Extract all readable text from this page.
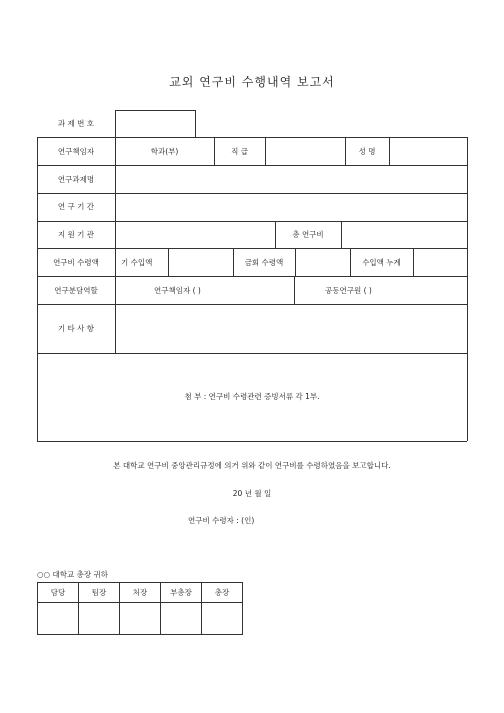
교외 연구비 수행내역 보고서
과 제 번 호
연구책임자	학과(부)	직 급	성 명
연구과제명
연 구 기 간
지 원 기 관	총 연구비
연구비 수령액	기 수입액	금회 수령액	수입액 누계
연구분담역할	연구책임자 ( )	공동연구원 ( )
기 타 사 항
첨 부 : 연구비 수령관련 증빙서류 각 1부.
본 대학교 연구비 중앙관리규정에 의거 위와 같이 연구비를 수령하였음을 보고합니다.
20 년 월 일
연구비 수령자 : (인)
○○ 대학교 총장 귀하
담당	팀장	처장	부총장	총장
